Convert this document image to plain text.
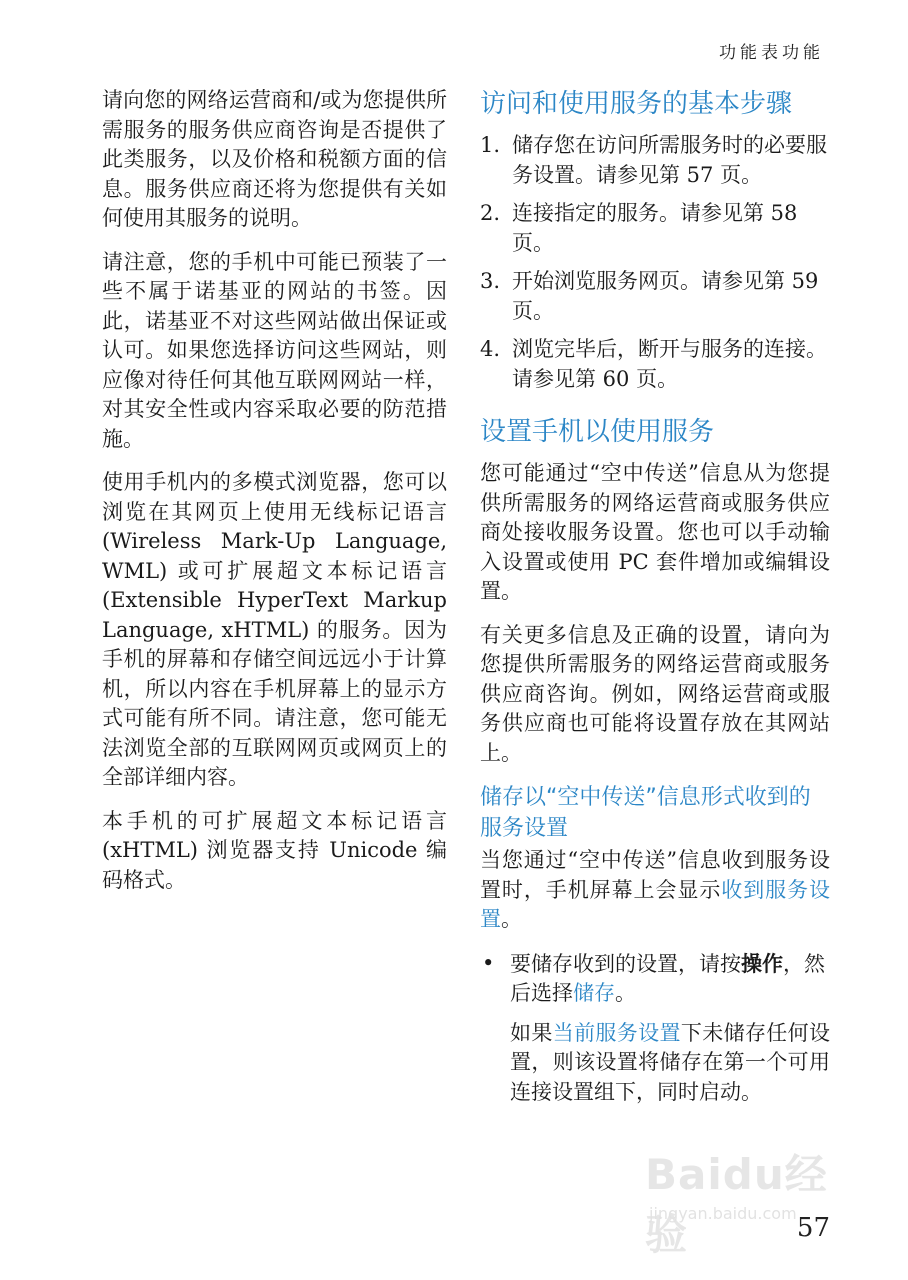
功能表功能

请向您的网络运营商和/或为您提供所需服务的服务供应商咨询是否提供了此类服务，以及价格和税额方面的信息。服务供应商还将为您提供有关如何使用其服务的说明。

请注意，您的手机中可能已预装了一些不属于诺基亚的网站的书签。因此，诺基亚不对这些网站做出保证或认可。如果您选择访问这些网站，则应像对待任何其他互联网网站一样，对其安全性或内容采取必要的防范措施。

使用手机内的多模式浏览器，您可以浏览在其网页上使用无线标记语言 (Wireless Mark-Up Language, WML) 或可扩展超文本标记语言 (Extensible HyperText Markup Language, xHTML) 的服务。因为手机的屏幕和存储空间远远小于计算机，所以内容在手机屏幕上的显示方式可能有所不同。请注意，您可能无法浏览全部的互联网网页或网页上的全部详细内容。

本手机的可扩展超文本标记语言 (xHTML) 浏览器支持 Unicode 编码格式。

访问和使用服务的基本步骤
1. 储存您在访问所需服务时的必要服务设置。请参见第 57 页。
2. 连接指定的服务。请参见第 58 页。
3. 开始浏览服务网页。请参见第 59 页。
4. 浏览完毕后，断开与服务的连接。请参见第 60 页。
设置手机以使用服务

您可能通过“空中传送”信息从为您提供所需服务的网络运营商或服务供应商处接收服务设置。您也可以手动输入设置或使用 PC 套件增加或编辑设置。

有关更多信息及正确的设置，请向为您提供所需服务的网络运营商或服务供应商咨询。例如，网络运营商或服务供应商也可能将设置存放在其网站上。

储存以“空中传送”信息形式收到的服务设置

当您通过“空中传送”信息收到服务设置时，手机屏幕上会显示收到服务设置。

• 要储存收到的设置，请按操作，然后选择储存。

如果当前服务设置下未储存任何设置，则该设置将储存在第一个可用连接设置组下，同时启动。

Baidu经验
jingyan.baidu.com 57
